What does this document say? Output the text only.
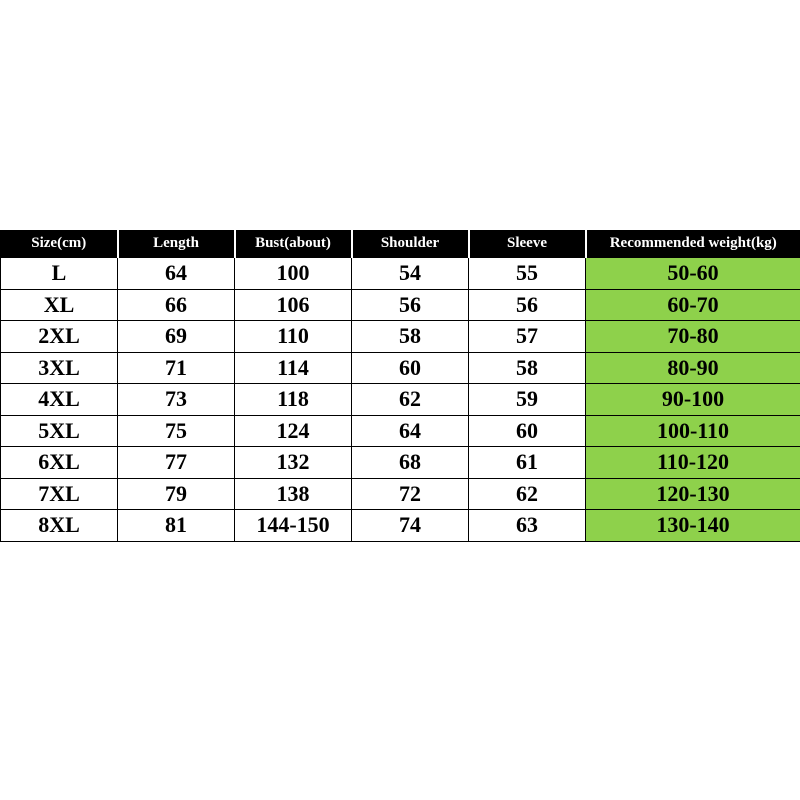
Size(cm)	Length	Bust(about)	Shoulder	Sleeve	Recommended weight(kg)
L	64	100	54	55	50-60
XL	66	106	56	56	60-70
2XL	69	110	58	57	70-80
3XL	71	114	60	58	80-90
4XL	73	118	62	59	90-100
5XL	75	124	64	60	100-110
6XL	77	132	68	61	110-120
7XL	79	138	72	62	120-130
8XL	81	144-150	74	63	130-140
